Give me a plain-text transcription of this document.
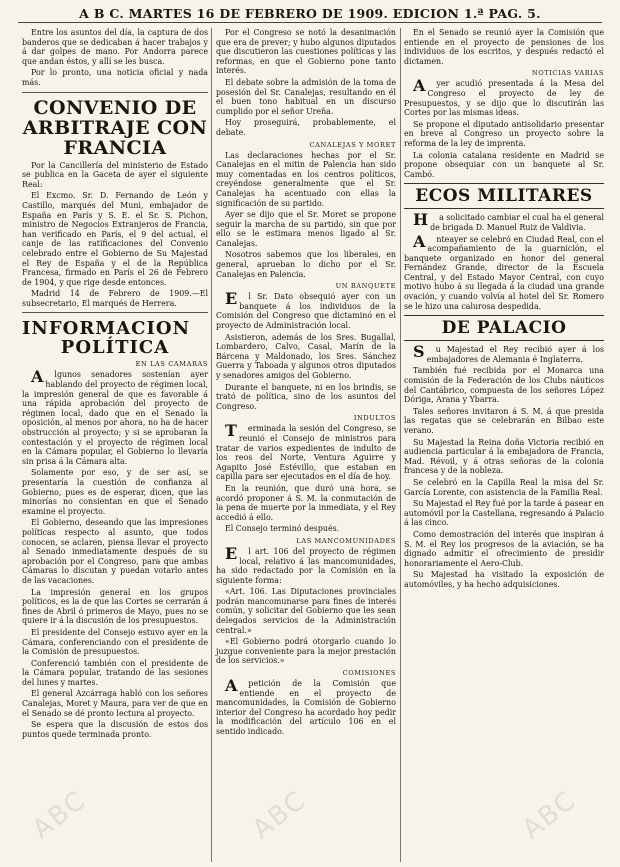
A B C. MARTES 16 DE FEBRERO DE 1909. EDICION 1.ª PAG. 5.

Entre los asuntos del día, la captura de dos banderos que se dedicaban á hacer trabajos y á dar golpes de mano. Por Andorra parece que andan éstos, y allí se les busca.

Por lo pronto, una noticia oficial y nada más.

CONVENIO DE ARBITRAJE CON FRANCIA

Por la Cancillería del ministerio de Estado se publica en la Gaceta de ayer el siguiente Real:

El Excmo. Sr. D. Fernando de León y Castillo, marqués del Muni, embajador de España en París y S. E. el Sr. S. Pichon, ministro de Negocios Extranjeros de Francia, han verificado en París, el 9 del actual, el canje de las ratificaciones del Convenio celebrado entre el Gobierno de Su Majestad el Rey de España y el de la República Francesa, firmado en París el 26 de Febrero de 1904, y que rige desde entonces.

Madrid 14 de Febrero de 1909.—El subsecretario, El marqués de Herrera.

INFORMACION
POLÍTICA
EN LAS CAMARAS

Algunos senadores sostenían ayer hablando del proyecto de régimen local, la impresión general de que es favorable á una rápida aprobación del proyecto de régimen local, dado que en el Senado la oposición, al menos por ahora, no ha de hacer obstrucción al proyecto; y si se aprobaran la contestación y el proyecto de régimen local en la Cámara popular, el Gobierno lo llevaría sin prisa á la Cámara alta.

Solamente por eso, y de ser así, se presentaría la cuestión de confianza al Gobierno, pues es de esperar, dicen, que las minorías no consientan en que el Senado examine el proyecto.

El Gobierno, deseando que las impresiones políticas respecto al asunto, que todos conocen, se aclaren, piensa llevar el proyecto al Senado inmediatamente después de su aprobación por el Congreso, para que ambas Cámaras lo discutan y puedan votarlo antes de las vacaciones.

La impresión general en los grupos políticos, es la de que las Cortes se cerrarán á fines de Abril ó primeros de Mayo, pues no se quiere ir á la discusión de los presupuestos.

El presidente del Consejo estuvo ayer en la Cámara, conferenciando con el presidente de la Comisión de presupuestos.

Conferenció también con el presidente de la Cámara popular, tratando de las sesiones del lunes y martes.

El general Azcárraga habló con los señores Canalejas, Moret y Maura, para ver de que en el Senado se dé pronto lectura al proyecto.

Se espera que la discusión de estos dos puntos quede terminada pronto.

Por el Congreso se notó la desanimación que era de prever; y hubo algunos diputados que discutieron las cuestiones políticas y las reformas, en que el Gobierno pone tanto interés.

El debate sobre la admisión de la toma de posesión del Sr. Canalejas, resultando en él el buen tono habitual en un discurso cumplido por el señor Ureña.

Hoy proseguirá, probablemente, el debate.

CANALEJAS Y MORET

Las declaraciones hechas por el Sr. Canalejas en el mitin de Palencia han sido muy comentadas en los centros políticos, creyéndose generalmente que el Sr. Canalejas ha acentuado con ellas la significación de su partido.

Ayer se dijo que el Sr. Moret se propone seguir la marcha de su partido, sin que por ello se le estimara menos ligado al Sr. Canalejas.

Nosotros sabemos que los liberales, en general, aprueban lo dicho por el Sr. Canalejas en Palencia.

UN BANQUETE

El Sr. Dato obsequió ayer con un banquete á los individuos de la Comisión del Congreso que dictaminó en el proyecto de Administración local.

Asistieron, además de los Sres. Bugallal, Lombardero, Calvo, Casal, Marín de la Bárcena y Maldonado, los Sres. Sánchez Guerra y Taboada y algunos otros diputados y senadores amigos del Gobierno.

Durante el banquete, ni en los brindis, se trató de política, sino de los asuntos del Congreso.

INDULTOS

Terminada la sesión del Congreso, se reunió el Consejo de ministros para tratar de varios expedientes de indulto de los reos del Norte, Ventura Aguirre y Agapito José Estévillo, que estaban en capilla para ser ejecutados en el día de hoy.

En la reunión, que duró una hora, se acordó proponer á S. M. la conmutación de la pena de muerte por la inmediata, y el Rey accedió á ello.

El Consejo terminó después.

LAS MANCOMUNIDADES

El art. 106 del proyecto de régimen local, relativo á las mancomunidades, ha sido redactado por la Comisión en la siguiente forma:

«Art. 106. Las Diputaciones provinciales podrán mancomunarse para fines de interés común, y solicitar del Gobierno que les sean delegados servicios de la Administración central.»

«El Gobierno podrá otorgarlo cuando lo juzgue conveniente para la mejor prestación de los servicios.»

COMISIONES

Apetición de la Comisión que entiende en el proyecto de mancomunidades, la Comisión de Gobierno interior del Congreso ha acordado hoy pedir la modificación del artículo 106 en el sentido indicado.

En el Senado se reunió ayer la Comisión que entiende en el proyecto de pensiones de los individuos de los escritos, y después redactó el dictamen.

NOTICIAS VARIAS

Ayer acudió presentada á la Mesa del Congreso el proyecto de ley de Presupuestos, y se dijo que lo discutirán las Cortes por las mismas ideas.

Se propone el diputado antisolidario presentar en breve al Congreso un proyecto sobre la reforma de la ley de imprenta.

La colonia catalana residente en Madrid se propone obsequiar con un banquete al Sr. Cambó.

ECOS MILITARES

Ha solicitado cambiar el cual ha el general de brigada D. Manuel Ruiz de Valdivia.

Anteayer se celebró en Ciudad Real, con el acompañamiento de la guarnición, el banquete organizado en honor del general Fernández Grande, director de la Escuela Central, y del Estado Mayor Central, con cuyo motivo hubo á su llegada á la ciudad una grande ovación, y cuando volvía al hotel del Sr. Romero se le hizo una calurosa despedida.

DE PALACIO

Su Majestad el Rey recibió ayer á los embajadores de Alemania é Inglaterra.

También fué recibida por el Monarca una comisión de la Federación de los Clubs náuticos del Cantábrico, compuesta de los señores López Dóriga, Arana y Ybarra.

Tales señores invitaron á S. M. á que presida las regatas que se celebrarán en Bilbao este verano.

Su Majestad la Reina doña Victoria recibió en audiencia particular á la embajadora de Francia, Mad. Révoil, y á otras señoras de la colonia francesa y de la nobleza.

Se celebró en la Capilla Real la misa del Sr. García Lorente, con asistencia de la Familia Real.

Su Majestad el Rey fué por la tarde á pasear en automóvil por la Castellana, regresando á Palacio á las cinco.

Como demostración del interés que inspiran á S. M. el Rey los progresos de la aviación, se ha dignado admitir el ofrecimiento de presidir honorariamente el Aero-Club.

Su Majestad ha visitado la exposición de automóviles, y ha hecho adquisiciones.

ABC	ABC	ABC
